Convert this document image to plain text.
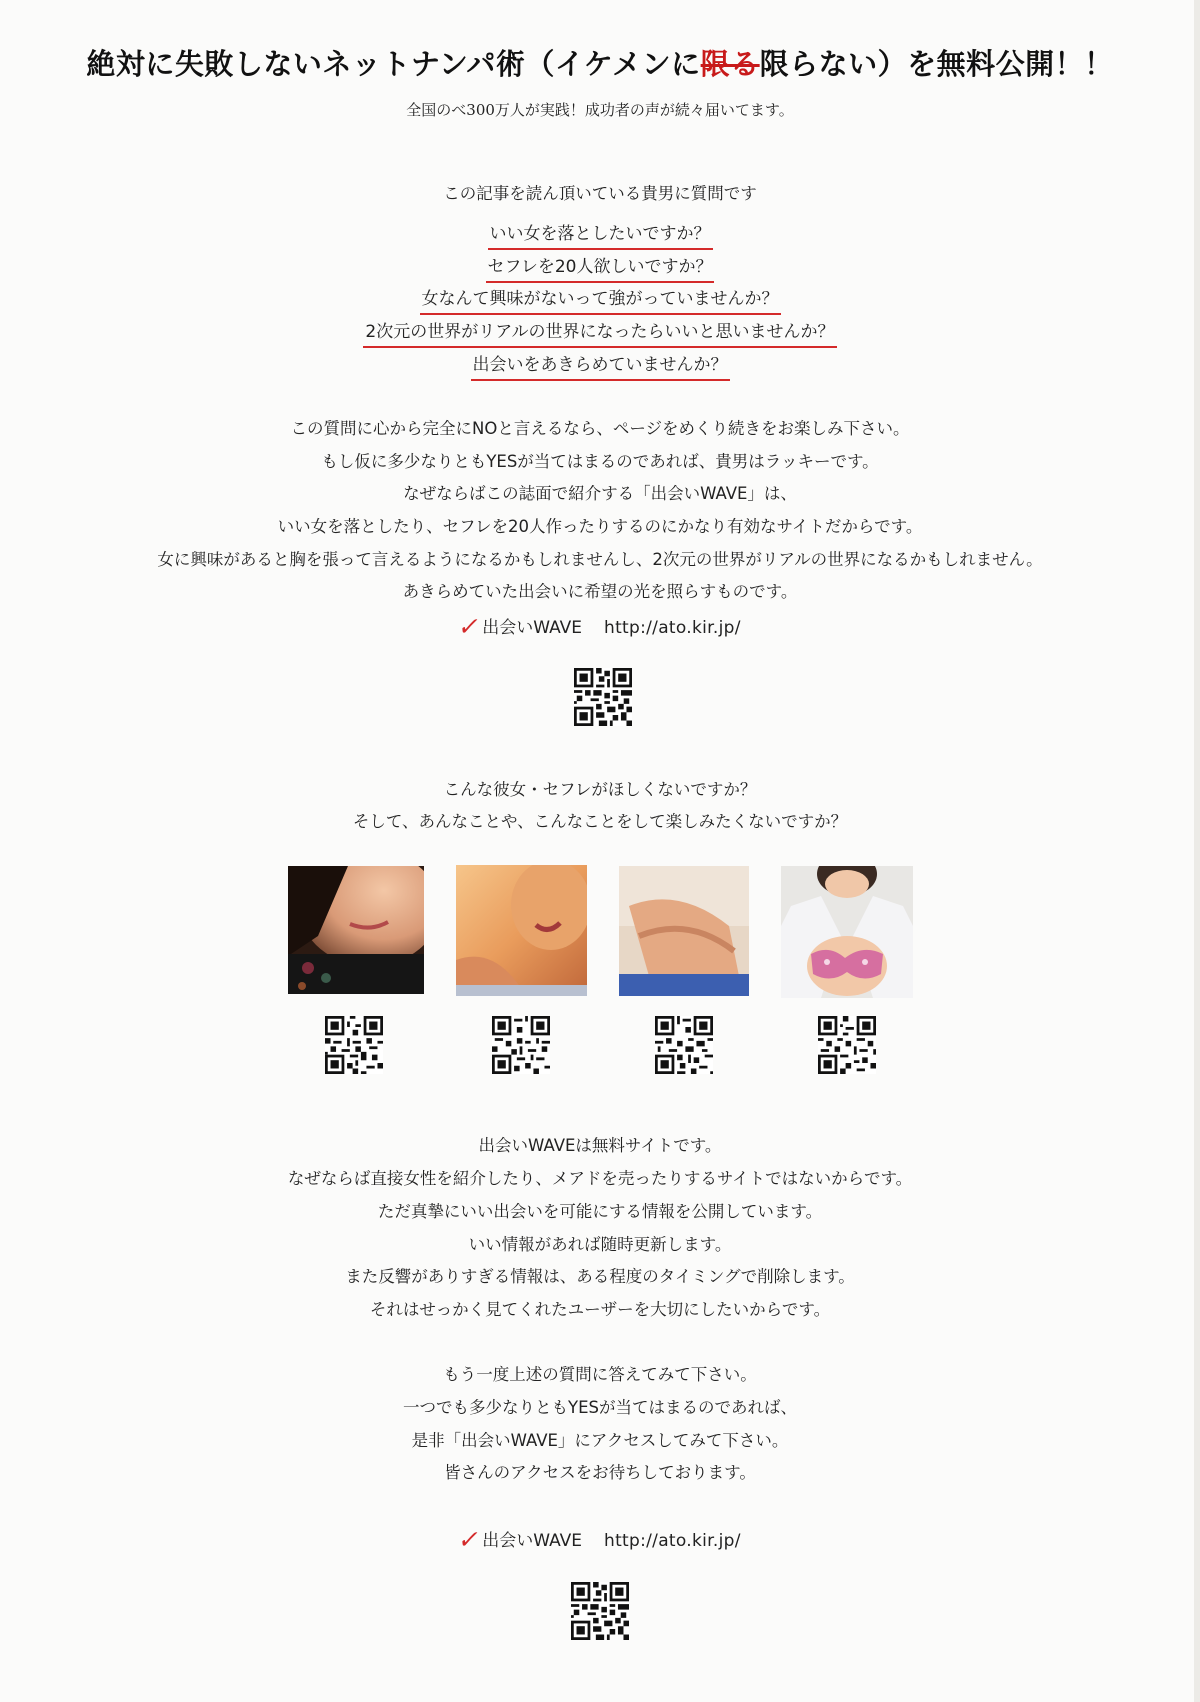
絶対に失敗しないネットナンパ術（イケメンに限る限らない）を無料公開！！
全国のべ300万人が実践！成功者の声が続々届いてます。
この記事を読ん頂いている貴男に質問です
いい女を落としたいですか？
セフレを20人欲しいですか？
女なんて興味がないって強がっていませんか？
2次元の世界がリアルの世界になったらいいと思いませんか？
出会いをあきらめていませんか？
この質問に心から完全にNOと言えるなら、ページをめくり続きをお楽しみ下さい。
もし仮に多少なりともYESが当てはまるのであれば、貴男はラッキーです。
なぜならばこの誌面で紹介する「出会いWAVE」は、
いい女を落としたり、セフレを20人作ったりするのにかなり有効なサイトだからです。
女に興味があると胸を張って言えるようになるかもしれませんし、2次元の世界がリアルの世界になるかもしれません。
あきらめていた出会いに希望の光を照らすものです。
✓出会いWAVE http://ato.kir.jp/
こんな彼女・セフレがほしくないですか？
そして、あんなことや、こんなことをして楽しみたくないですか？
出会いWAVEは無料サイトです。
なぜならば直接女性を紹介したり、メアドを売ったりするサイトではないからです。
ただ真摯にいい出会いを可能にする情報を公開しています。
いい情報があれば随時更新します。
また反響がありすぎる情報は、ある程度のタイミングで削除します。
それはせっかく見てくれたユーザーを大切にしたいからです。
もう一度上述の質問に答えてみて下さい。
一つでも多少なりともYESが当てはまるのであれば、
是非「出会いWAVE」にアクセスしてみて下さい。
皆さんのアクセスをお待ちしております。
✓出会いWAVE http://ato.kir.jp/
